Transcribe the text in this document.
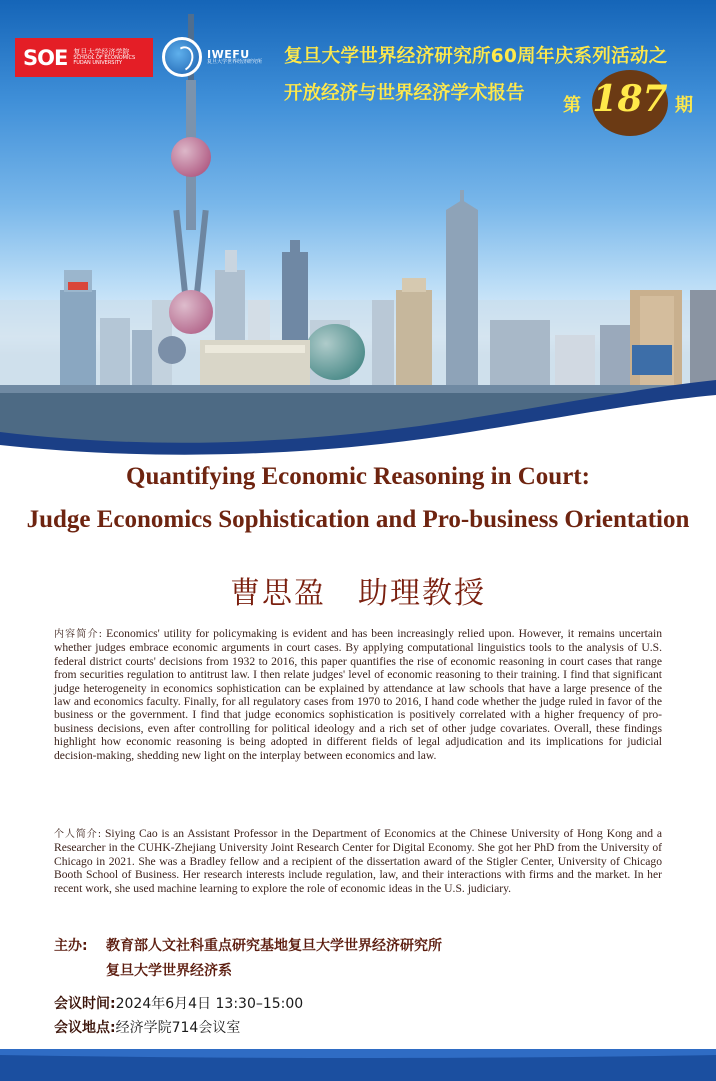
SOE 复旦大学经济学院
SCHOOL OF ECONOMICS FUDAN UNIVERSITY
IWEFU
复旦大学世界经济研究所 复旦大学世界经济研究所60周年庆系列活动之
开放经济与世界经济学术报告 187
第	期
Quantifying Economic Reasoning in Court:
Judge Economics Sophistication and Pro-business Orientation
曹思盈　助理教授

内容简介: Economics' utility for policymaking is evident and has been increasingly relied upon. However, it remains uncertain whether judges embrace economic arguments in court cases. By applying computational linguistics tools to the analysis of U.S. federal district courts' decisions from 1932 to 2016, this paper quantifies the rise of economic reasoning in court cases that range from securities regulation to antitrust law. I then relate judges' level of economic reasoning to their training. I find that significant judge heterogeneity in economics sophistication can be explained by attendance at law schools that have a large presence of the law and economics faculty. Finally, for all regulatory cases from 1970 to 2016, I hand code whether the judge ruled in favor of the business or the government. I find that judge economics sophistication is positively correlated with a higher frequency of pro-business decisions, even after controlling for political ideology and a rich set of other judge covariates. Overall, these findings highlight how economic reasoning is being adopted in different fields of legal adjudication and its implications for judicial decision-making, shedding new light on the interplay between economics and law.

个人简介: Siying Cao is an Assistant Professor in the Department of Economics at the Chinese University of Hong Kong and a Researcher in the CUHK-Zhejiang University Joint Research Center for Digital Economy. She got her PhD from the University of Chicago in 2021. She was a Bradley fellow and a recipient of the dissertation award of the Stigler Center, University of Chicago Booth School of Business. Her research interests include regulation, law, and their interactions with firms and the market. In her recent work, she used machine learning to explore the role of economic ideas in the U.S. judiciary.

主办: 教育部人文社科重点研究基地复旦大学世界经济研究所
复旦大学世界经济系
会议时间:2024年6月4日 13:30–15:00
会议地点:经济学院714会议室
